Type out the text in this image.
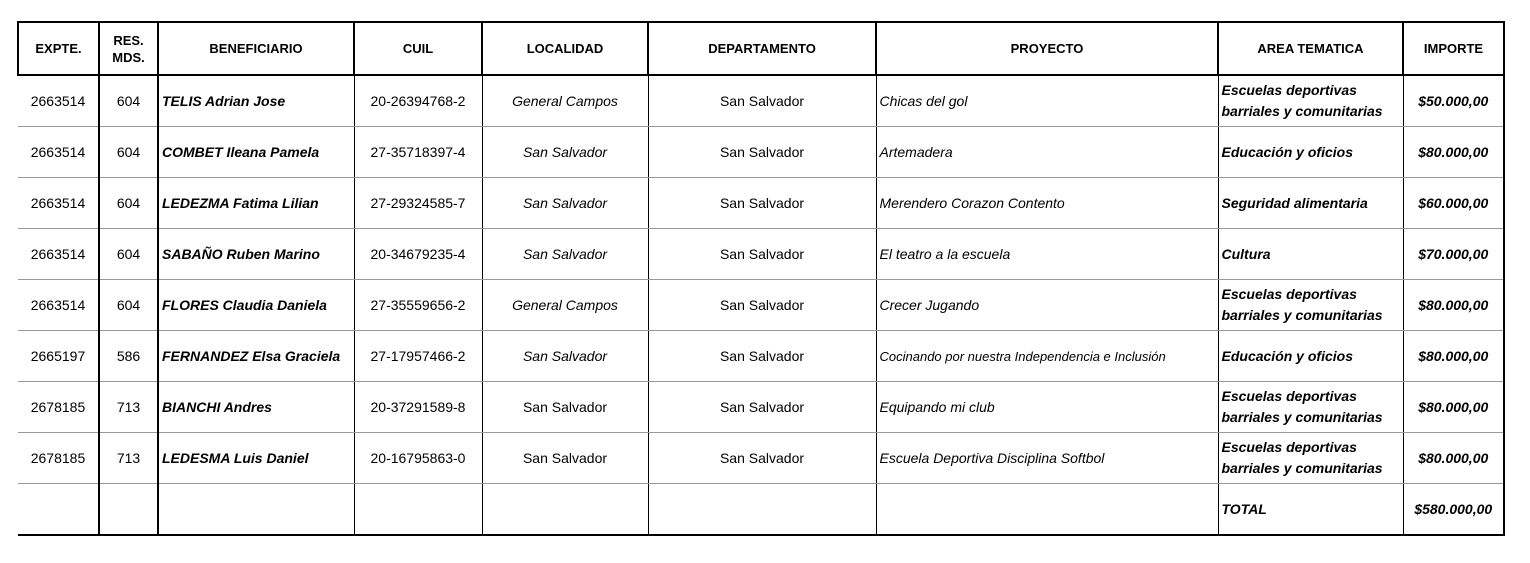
EXPTE.	RES. MDS.	BENEFICIARIO	CUIL	LOCALIDAD	DEPARTAMENTO	PROYECTO	AREA TEMATICA	IMPORTE
2663514	604	TELIS Adrian Jose	20-26394768-2	General Campos	San Salvador	Chicas del gol	Escuelas deportivas barriales y comunitarias	$50.000,00
2663514	604	COMBET Ileana Pamela	27-35718397-4	San Salvador	San Salvador	Artemadera	Educación y oficios	$80.000,00
2663514	604	LEDEZMA Fatima Lilian	27-29324585-7	San Salvador	San Salvador	Merendero Corazon Contento	Seguridad alimentaria	$60.000,00
2663514	604	SABAÑO Ruben Marino	20-34679235-4	San Salvador	San Salvador	El teatro a la escuela	Cultura	$70.000,00
2663514	604	FLORES Claudia Daniela	27-35559656-2	General Campos	San Salvador	Crecer Jugando	Escuelas deportivas barriales y comunitarias	$80.000,00
2665197	586	FERNANDEZ Elsa Graciela	27-17957466-2	San Salvador	San Salvador	Cocinando por nuestra Independencia e Inclusión	Educación y oficios	$80.000,00
2678185	713	BIANCHI Andres	20-37291589-8	San Salvador	San Salvador	Equipando mi club	Escuelas deportivas barriales y comunitarias	$80.000,00
2678185	713	LEDESMA Luis Daniel	20-16795863-0	San Salvador	San Salvador	Escuela Deportiva Disciplina Softbol	Escuelas deportivas barriales y comunitarias	$80.000,00
							TOTAL	$580.000,00
